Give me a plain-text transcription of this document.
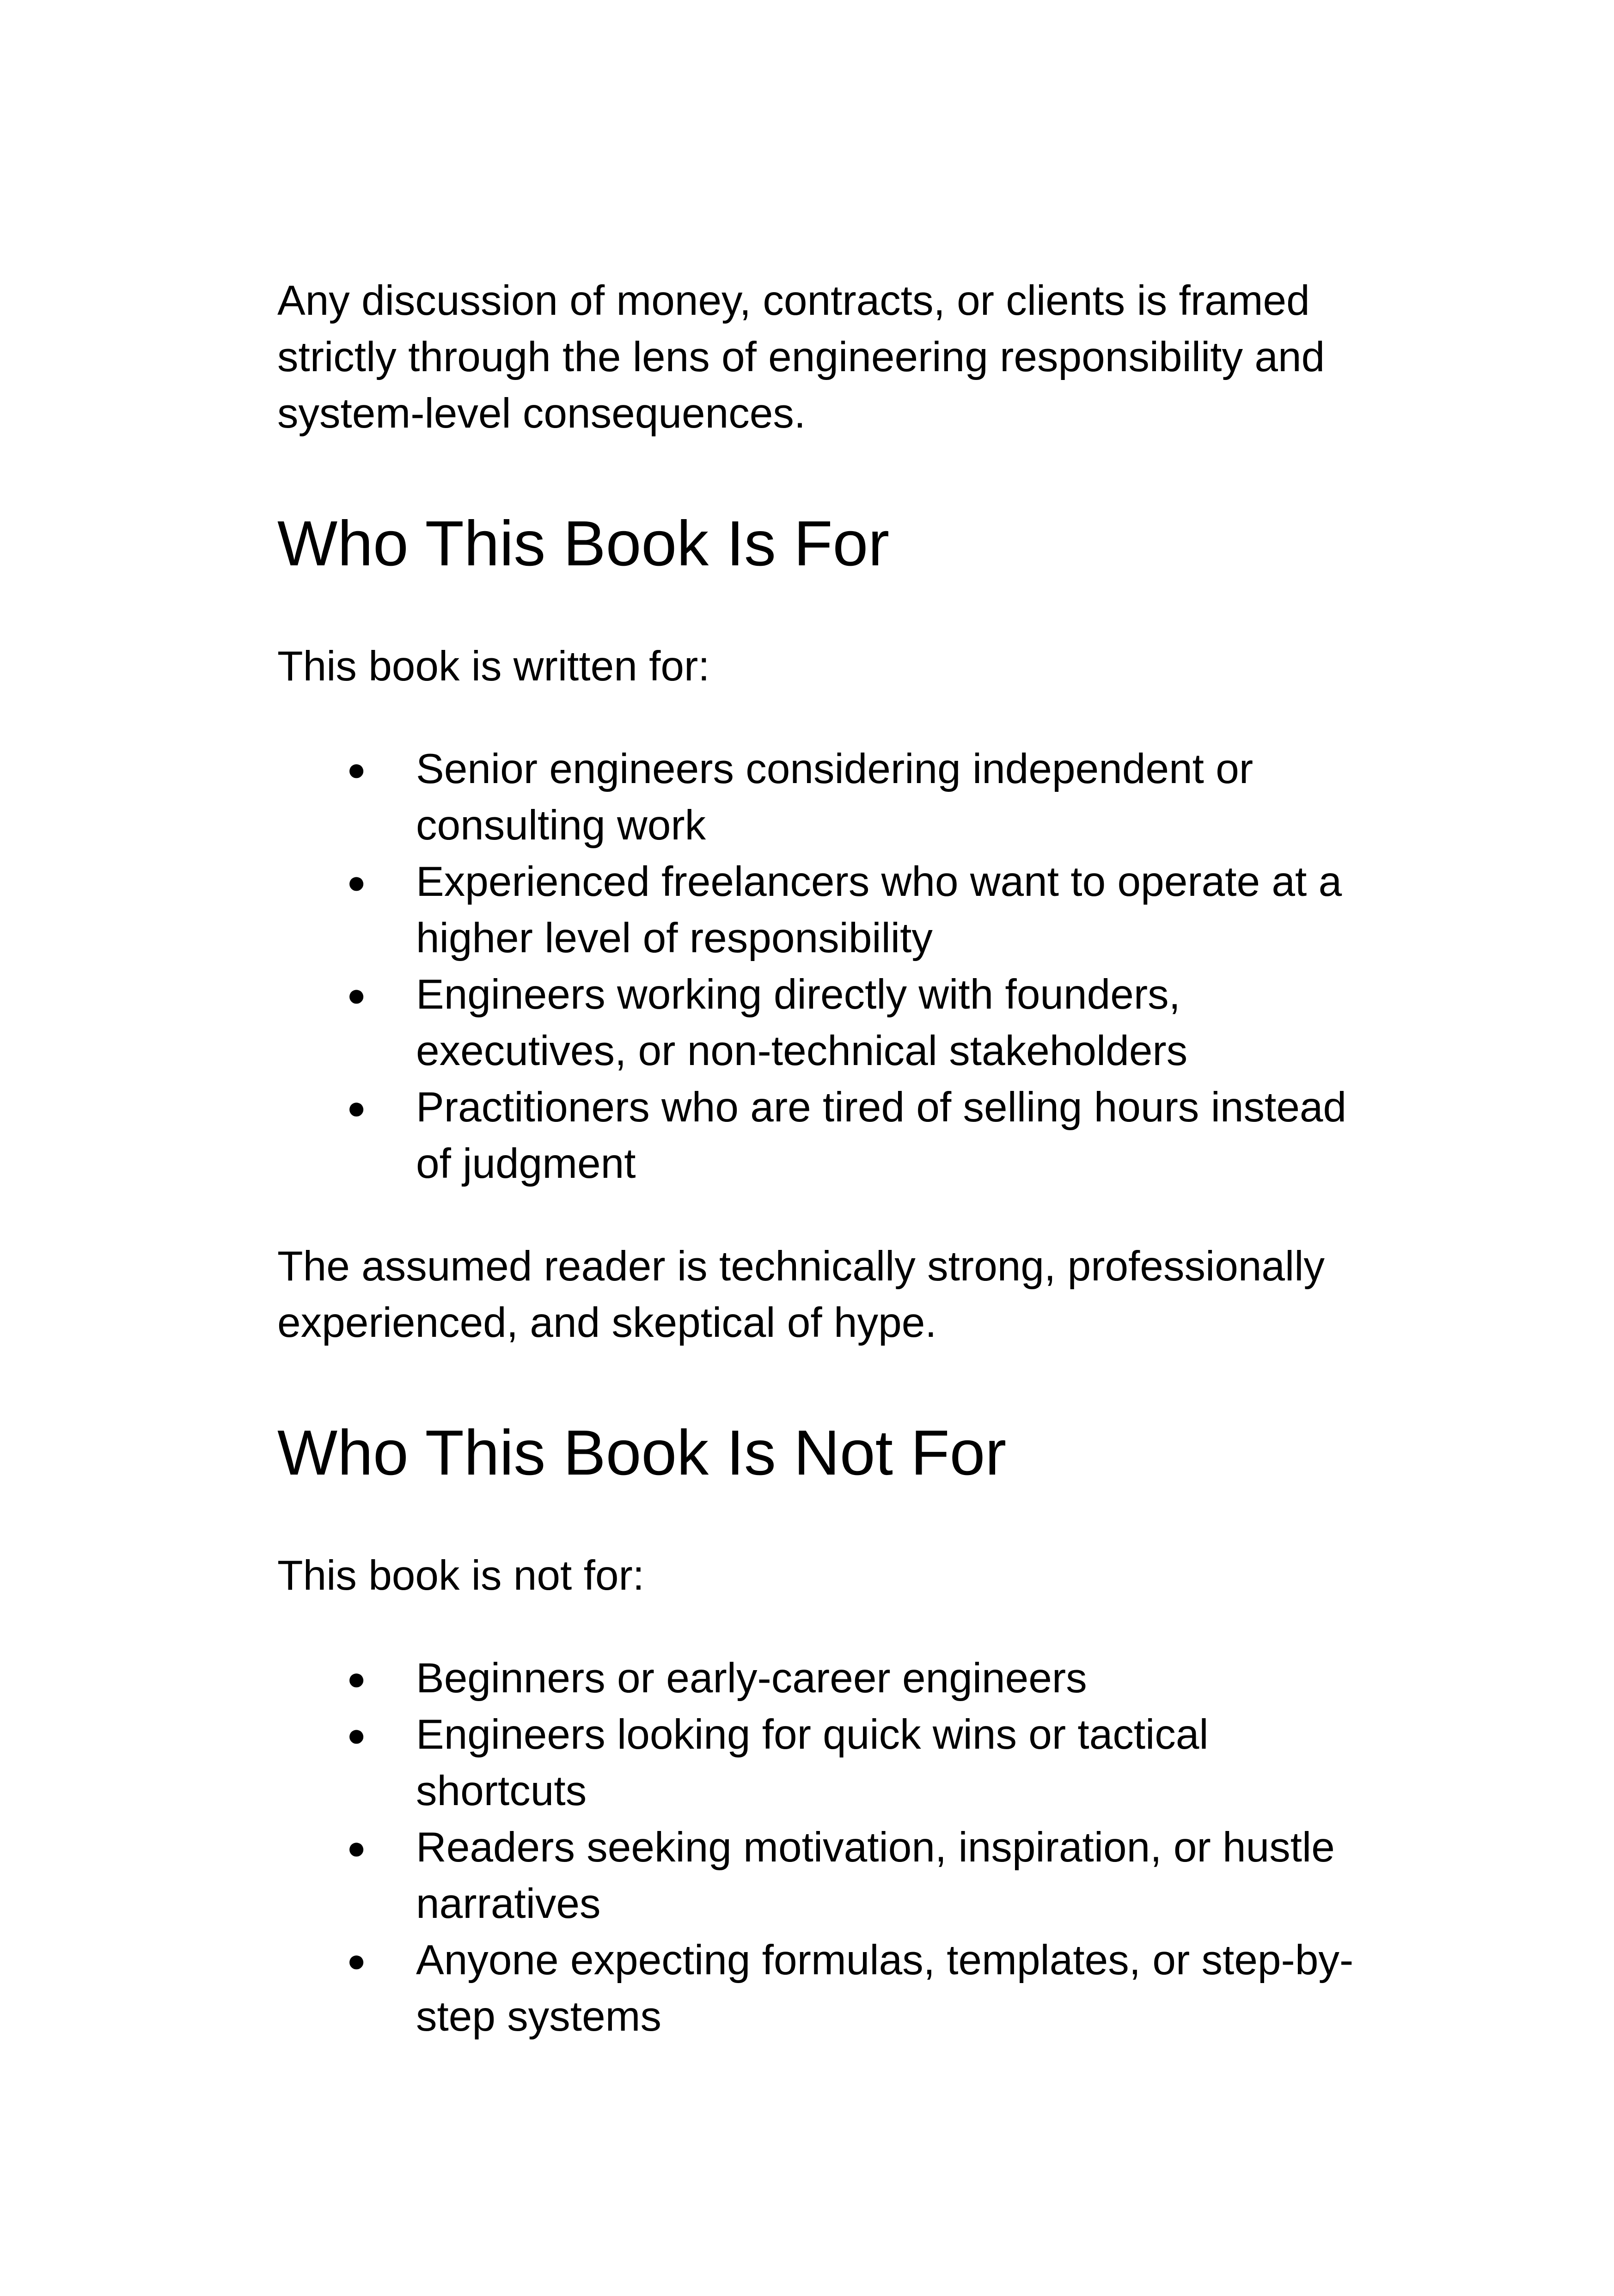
Any discussion of money, contracts, or clients is framed strictly through the lens of engineering responsibility and system-level consequences.

Who This Book Is For

This book is written for:

● Senior engineers considering independent or consulting work
● Experienced freelancers who want to operate at a higher level of responsibility
● Engineers working directly with founders, executives, or non-technical stakeholders
● Practitioners who are tired of selling hours instead of judgment

The assumed reader is technically strong, professionally experienced, and skeptical of hype.

Who This Book Is Not For

This book is not for:

● Beginners or early-career engineers
● Engineers looking for quick wins or tactical shortcuts
● Readers seeking motivation, inspiration, or hustle narratives
● Anyone expecting formulas, templates, or step-by-step systems
